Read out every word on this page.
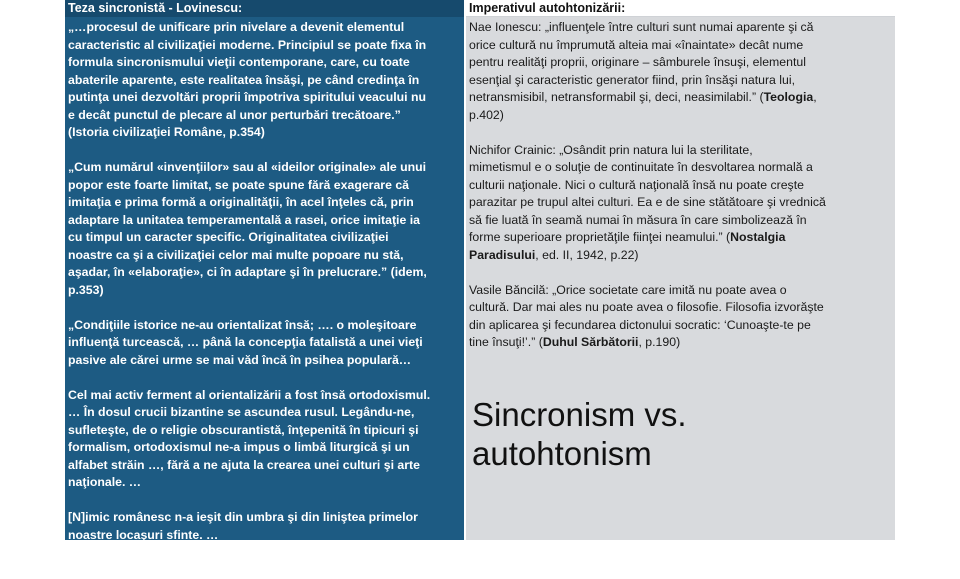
Teza sincronistă - Lovinescu:	Imperativul autohtonizării:

„…procesul de unificare prin nivelare a devenit elementul
caracteristic al civilizaţiei moderne. Principiul se poate fixa în
formula sincronismului vieţii contemporane, care, cu toate
abaterile aparente, este realitatea însăşi, pe când credinţa în
putinţa unei dezvoltări proprii împotriva spiritului veacului nu
e decât punctul de plecare al unor perturbări trecătoare.”
(Istoria civilizaţiei Române, p.354)

„Cum numărul «invenţiilor» sau al «ideilor originale» ale unui
popor este foarte limitat, se poate spune fără exagerare că
imitaţia e prima formă a originalităţii, în acel înţeles că, prin
adaptare la unitatea temperamentală a rasei, orice imitaţie ia
cu timpul un caracter specific. Originalitatea civilizaţiei
noastre ca şi a civilizaţiei celor mai multe popoare nu stă,
aşadar, în «elaboraţie», ci în adaptare şi în prelucrare.” (idem,
p.353)

„Condiţiile istorice ne-au orientalizat însă; …. o moleşitoare
influenţă turcească, … până la concepţia fatalistă a unei vieţi
pasive ale cărei urme se mai văd încă în psihea populară…

Cel mai activ ferment al orientalizării a fost însă ortodoxismul.
… În dosul crucii bizantine se ascundea rusul. Legându-ne,
sufleteşte, de o religie obscurantistă, înţepenită în tipicuri şi
formalism, ortodoxismul ne-a impus o limbă liturgică şi un
alfabet străin …, fără a ne ajuta la crearea unei culturi şi arte
naţionale. …

[N]imic românesc n-a ieşit din umbra şi din liniştea primelor
noastre locaşuri sfinte. …
Pe când în Occident ….” (idem, pp.5-8)

Nae Ionescu: „influenţele între culturi sunt numai aparente şi că
orice cultură nu împrumută alteia mai «înaintate» decât nume
pentru realităţi proprii, originare – sâmburele însuşi, elementul
esenţial şi caracteristic generator fiind, prin însăşi natura lui,
netransmisibil, netransformabil şi, deci, neasimilabil.” (Teologia,
p.402)

Nichifor Crainic: „Osândit prin natura lui la sterilitate,
mimetismul e o soluţie de continuitate în desvoltarea normală a
culturii naţionale. Nici o cultură naţională însă nu poate creşte
parazitar pe trupul altei culturi. Ea e de sine stătătoare şi vrednică
să fie luată în seamă numai în măsura în care simbolizează în
forme superioare proprietăţile fiinţei neamului.” (Nostalgia
Paradisului, ed. II, 1942, p.22)

Vasile Băncilă: „Orice societate care imită nu poate avea o
cultură. Dar mai ales nu poate avea o filosofie. Filosofia izvorăşte
din aplicarea şi fecundarea dictonului socratic: ‘Cunoaşte-te pe
tine însuţi!’.” (Duhul Sărbătorii, p.190)

Sincronism vs.
autohtonism
